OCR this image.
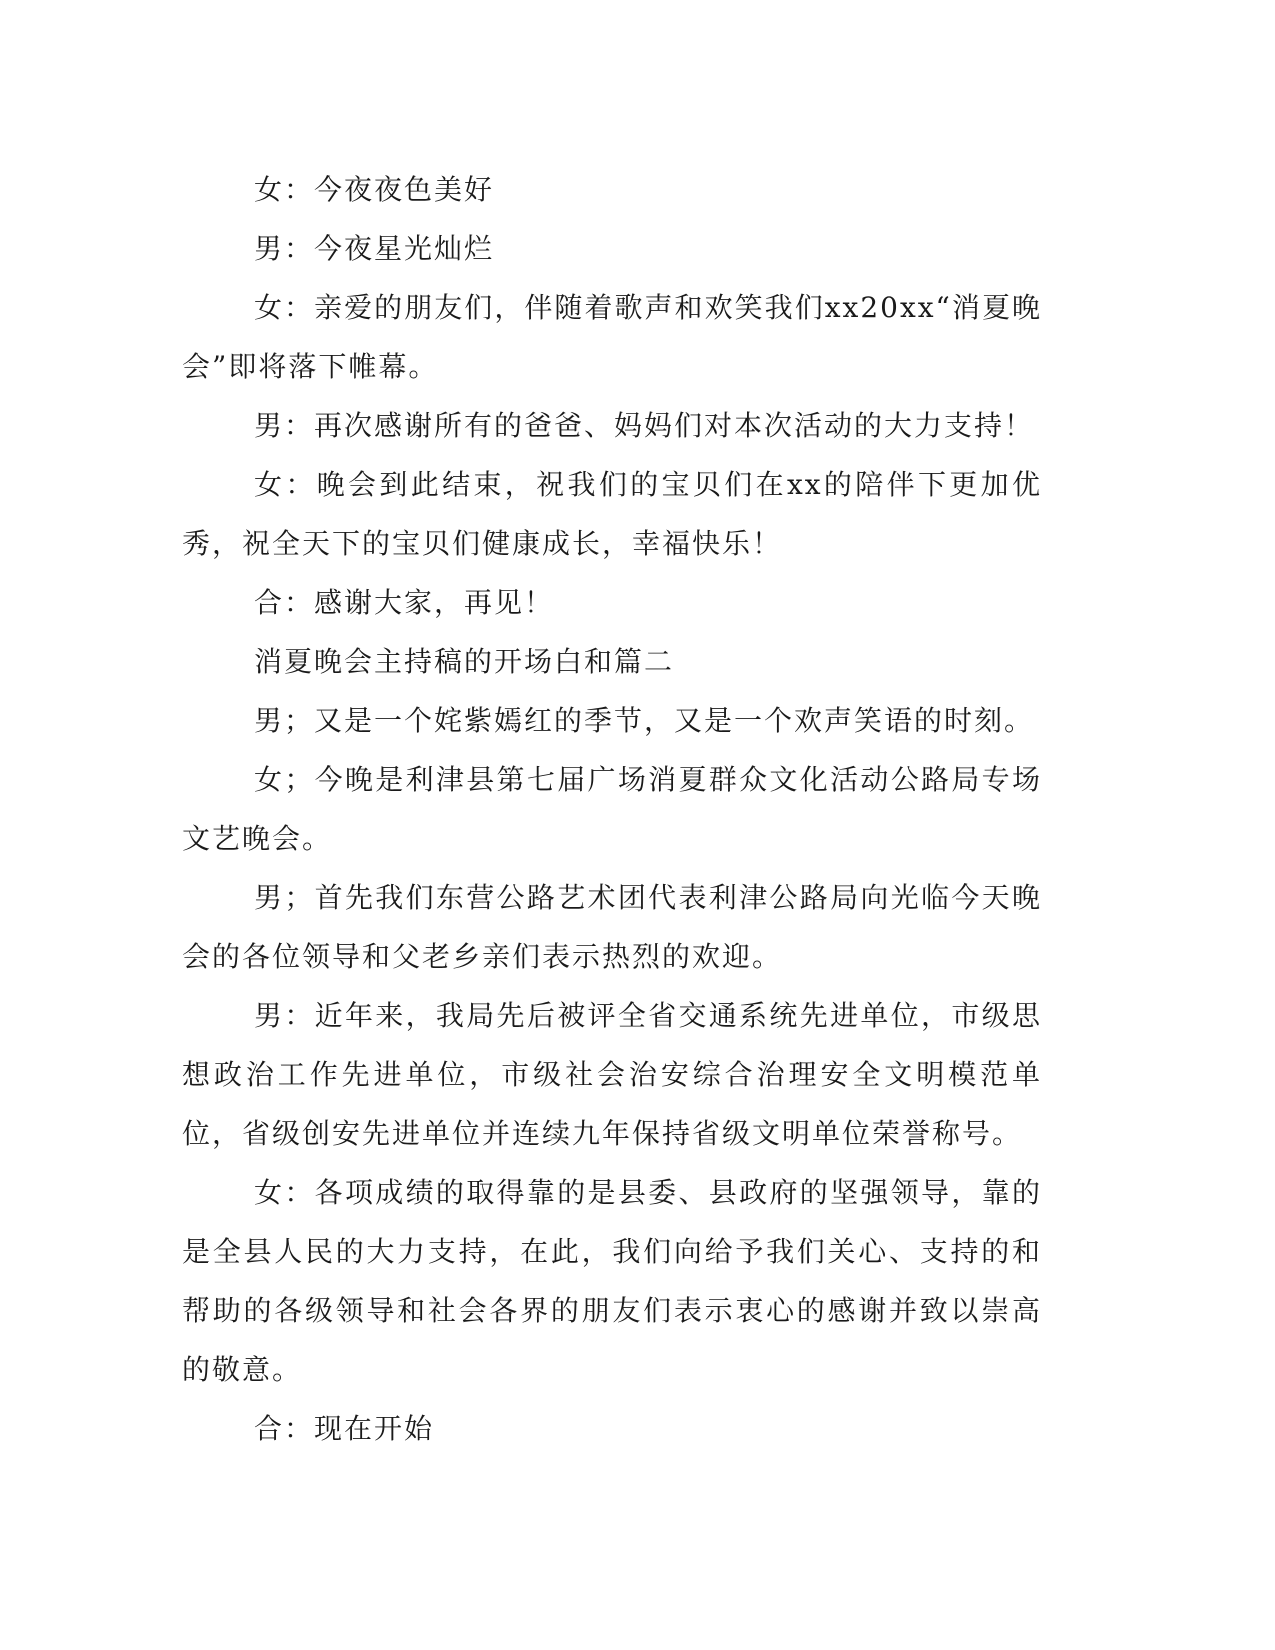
女：今夜夜色美好

男：今夜星光灿烂

女：亲爱的朋友们，伴随着歌声和欢笑我们xx20xx“消夏晚会”即将落下帷幕。

男：再次感谢所有的爸爸、妈妈们对本次活动的大力支持！

女：晚会到此结束，祝我们的宝贝们在xx的陪伴下更加优秀，祝全天下的宝贝们健康成长，幸福快乐！

合：感谢大家，再见！

消夏晚会主持稿的开场白和篇二

男；又是一个姹紫嫣红的季节，又是一个欢声笑语的时刻。

女；今晚是利津县第七届广场消夏群众文化活动公路局专场文艺晚会。

男；首先我们东营公路艺术团代表利津公路局向光临今天晚会的各位领导和父老乡亲们表示热烈的欢迎。

男：近年来，我局先后被评全省交通系统先进单位，市级思想政治工作先进单位，市级社会治安综合治理安全文明模范单位，省级创安先进单位并连续九年保持省级文明单位荣誉称号。

女：各项成绩的取得靠的是县委、县政府的坚强领导，靠的是全县人民的大力支持，在此，我们向给予我们关心、支持的和帮助的各级领导和社会各界的朋友们表示衷心的感谢并致以崇高的敬意。

合：现在开始
